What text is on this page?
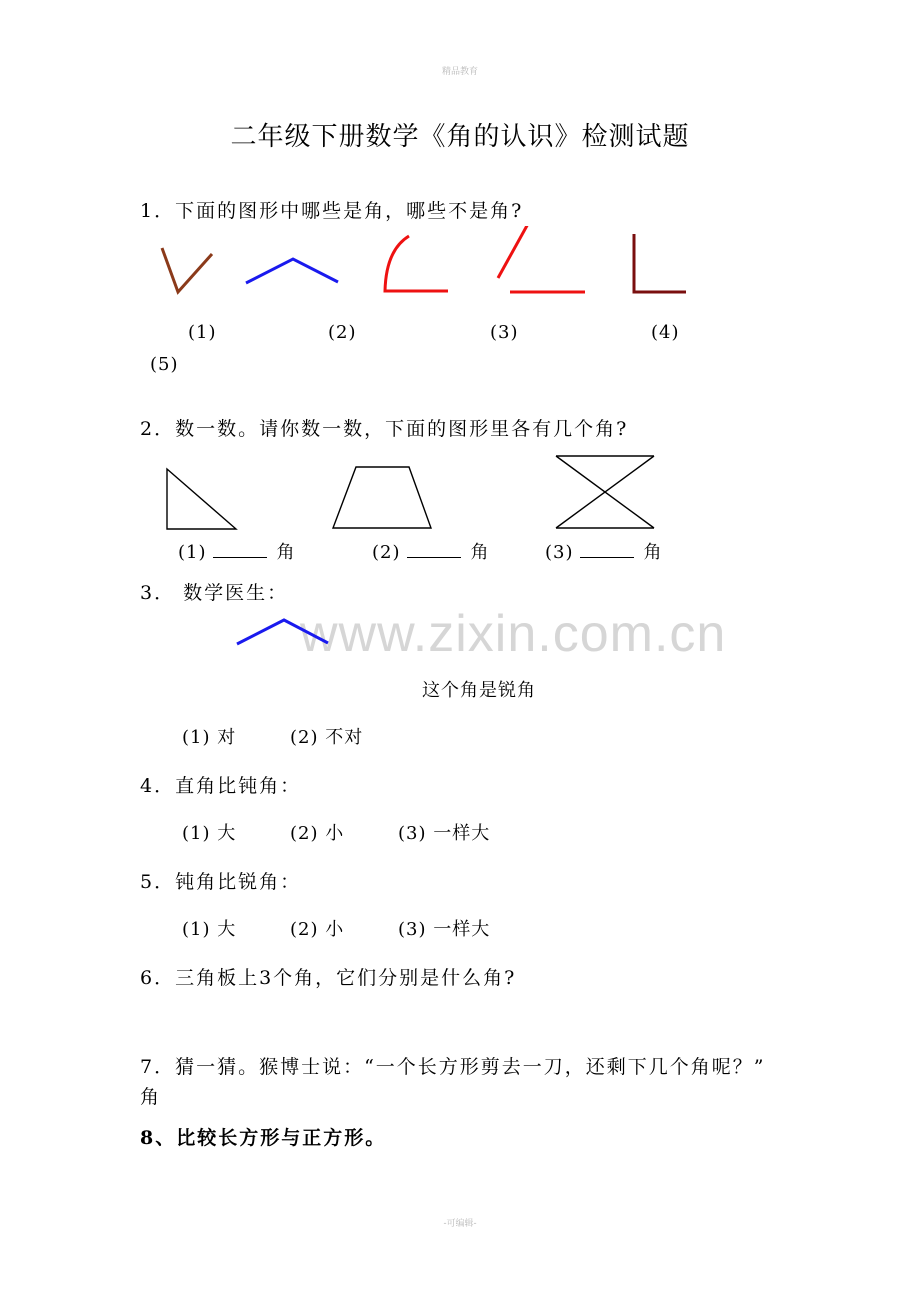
精品教育
www.zixin.com.cn
二年级下册数学《角的认识》检测试题
1．下面的图形中哪些是角，哪些不是角?
(1)	(2)	(3)	(4)
(5)
2．数一数。请你数一数，下面的图形里各有几个角?
(1)	角	(2)	角	(3)	角
3． 数学医生：
这个角是锐角
(1) 对	(2) 不对
4．直角比钝角：
(1) 大	(2) 小	(3) 一样大
5．钝角比锐角：
(1) 大	(2) 小	(3) 一样大
6．三角板上3个角，它们分别是什么角?
7．猜一猜。猴博士说：“一个长方形剪去一刀，还剩下几个角呢？”
角
8、比较长方形与正方形。
-可编辑-
